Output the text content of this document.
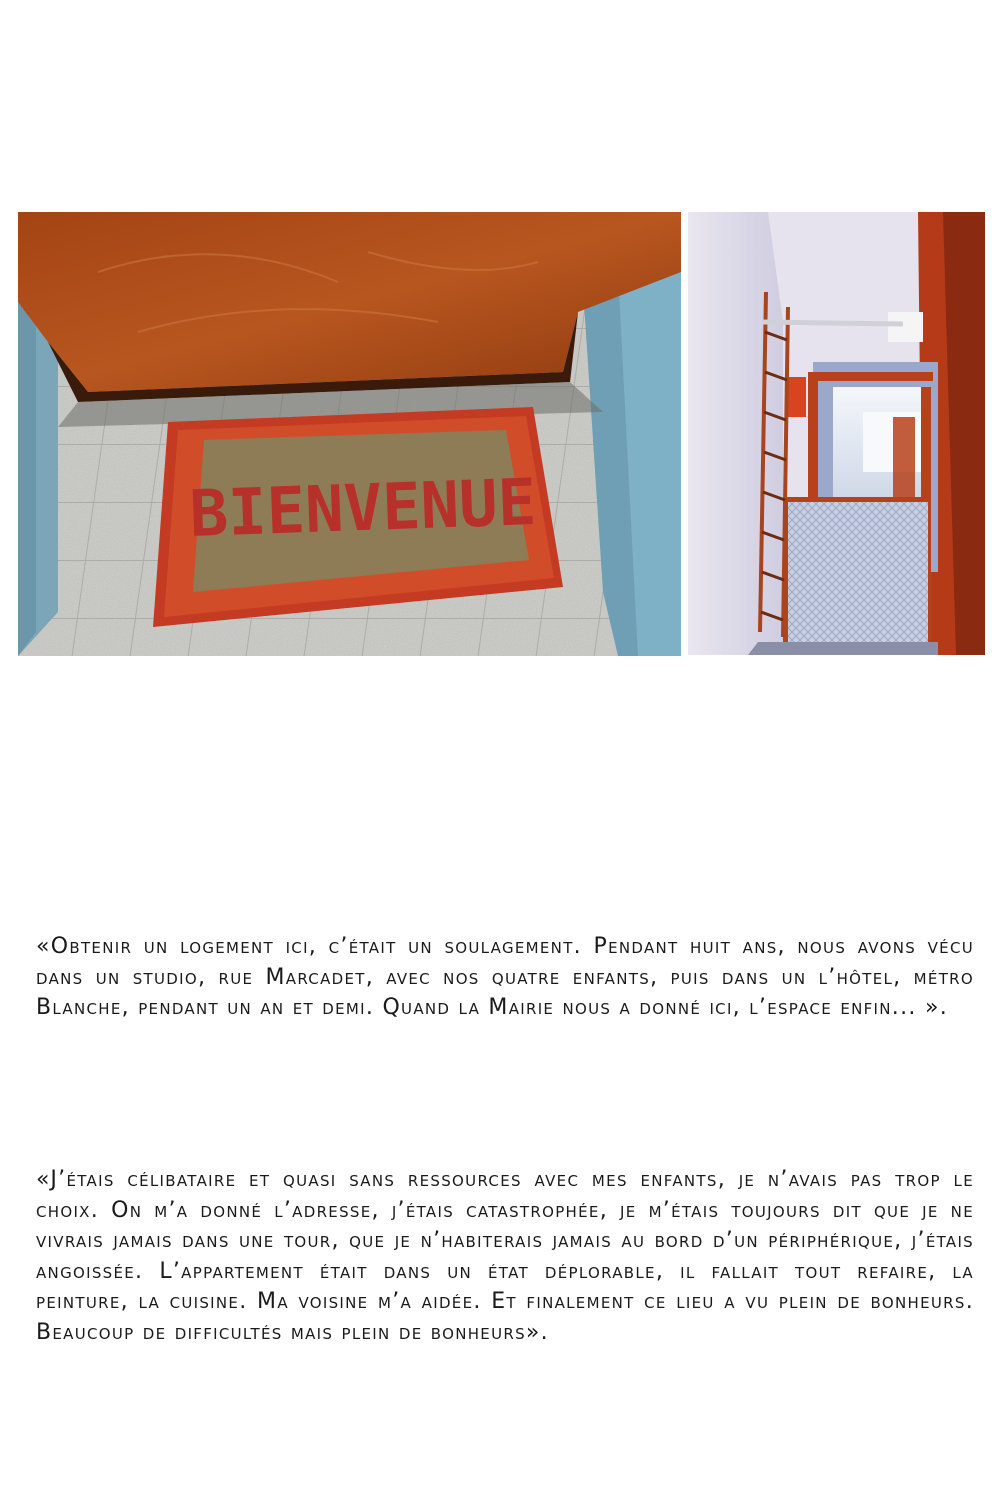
BIENVENUE

«Obtenir un logement ici, c’était un soulagement. Pendant huit ans, nous avons vécu dans un studio, rue Marcadet, avec nos quatre enfants, puis dans un l’hôtel, métro Blanche, pendant un an et demi. Quand la Mairie nous a donné ici, l’espace enfin... ».

«J’étais célibataire et quasi sans ressources avec mes enfants, je n’avais pas trop le choix. On m’a donné l’adresse, j’étais catastrophée, je m’étais toujours dit que je ne vivrais jamais dans une tour, que je n’habiterais jamais au bord d’un périphérique, j’étais angoissée. L’appartement était dans un état déplorable, il fallait tout refaire, la peinture, la cuisine. Ma voisine m’a aidée. Et finalement ce lieu a vu plein de bonheurs. Beaucoup de difficultés mais plein de bonheurs».
